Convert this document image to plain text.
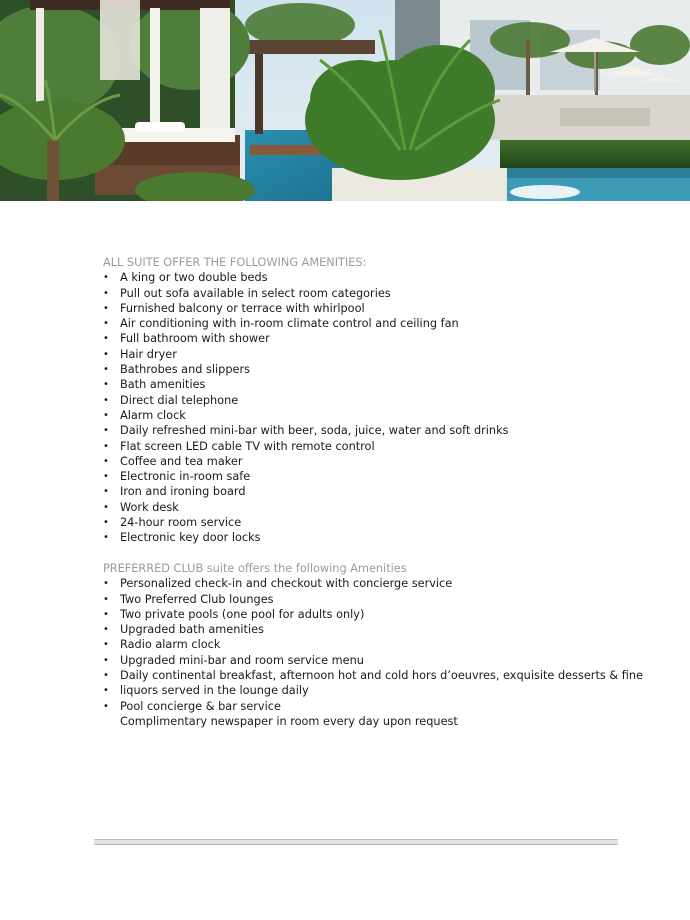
ALL SUITE OFFER THE FOLLOWING AMENITIES:
• A king or two double beds
• Pull out sofa available in select room categories
• Furnished balcony or terrace with whirlpool
• Air conditioning with in-room climate control and ceiling fan
• Full bathroom with shower
• Hair dryer
• Bathrobes and slippers
• Bath amenities
• Direct dial telephone
• Alarm clock
• Daily refreshed mini-bar with beer, soda, juice, water and soft drinks
• Flat screen LED cable TV with remote control
• Coffee and tea maker
• Electronic in-room safe
• Iron and ironing board
• Work desk
• 24-hour room service
• Electronic key door locks
PREFERRED CLUB suite offers the following Amenities
• Personalized check-in and checkout with concierge service
• Two Preferred Club lounges
• Two private pools (one pool for adults only)
• Upgraded bath amenities
• Radio alarm clock
• Upgraded mini-bar and room service menu
• Daily continental breakfast, afternoon hot and cold hors d’oeuvres, exquisite desserts & fine
• liquors served in the lounge daily
• Pool concierge & bar service
Complimentary newspaper in room every day upon request
